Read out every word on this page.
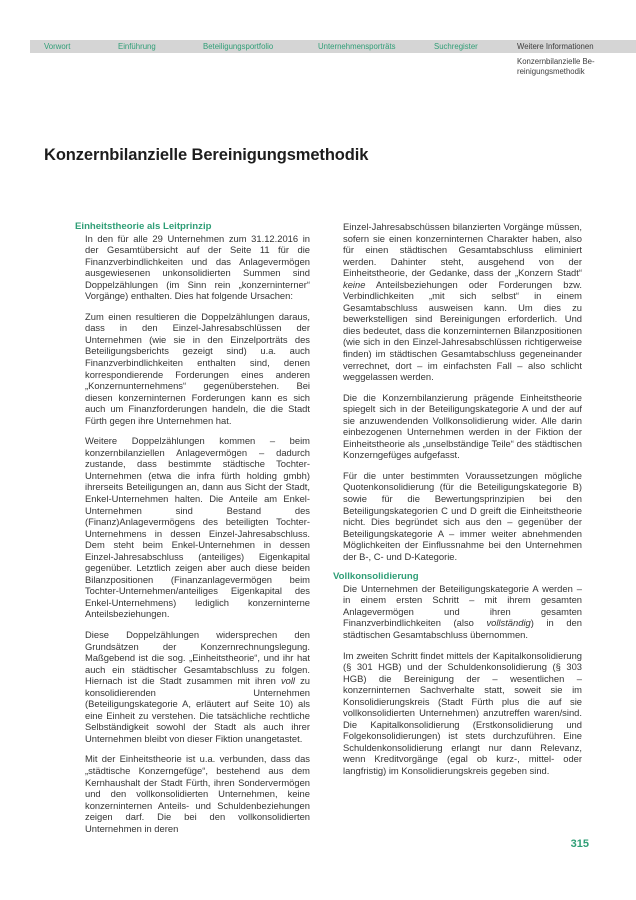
Vorwort	Einführung	Beteiligungsportfolio	Unternehmensporträts	Suchregister	Weitere Informationen
Konzernbilanzielle Be-
reinigungsmethodik
Konzernbilanzielle Bereinigungsmethodik
Einheitstheorie als Leitprinzip

In den für alle 29 Unternehmen zum 31.12.2016 in der Gesamtübersicht auf der Seite 11 für die Finanzverbindlichkeiten und das Anlagevermögen ausgewiesenen unkonsolidierten Summen sind Doppelzählungen (im Sinn rein „konzerninterner“ Vorgänge) enthalten. Dies hat folgende Ursachen:

Zum einen resultieren die Doppelzählungen daraus, dass in den Einzel-Jahresabschlüssen der Unternehmen (wie sie in den Einzelporträts des Beteiligungsberichts gezeigt sind) u.a. auch Finanzverbindlichkeiten enthalten sind, denen korrespondierende Forderungen eines anderen „Konzernunternehmens“ gegenüberstehen. Bei diesen konzerninternen Forderungen kann es sich auch um Finanzforderungen handeln, die die Stadt Fürth gegen ihre Unternehmen hat.

Weitere Doppelzählungen kommen – beim konzernbilanziellen Anlagevermögen – dadurch zustande, dass bestimmte städtische Tochter-Unternehmen (etwa die infra fürth holding gmbh) ihrerseits Beteiligungen an, dann aus Sicht der Stadt, Enkel-Unternehmen halten. Die Anteile am Enkel-Unternehmen sind Bestand des (Finanz)Anlagevermögens des beteiligten Tochter-Unternehmens in dessen Einzel-Jahresabschluss. Dem steht beim Enkel-Unternehmen in dessen Einzel-Jahresabschluss (anteiliges) Eigenkapital gegenüber. Letztlich zeigen aber auch diese beiden Bilanzpositionen (Finanzanlagevermögen beim Tochter-Unternehmen/anteiliges Eigenkapital des Enkel-Unternehmens) lediglich konzerninterne Anteilsbeziehungen.

Diese Doppelzählungen widersprechen den Grundsätzen der Konzernrechnungslegung. Maßgebend ist die sog. „Einheitstheorie“, und ihr hat auch ein städtischer Gesamtabschluss zu folgen. Hiernach ist die Stadt zusammen mit ihren voll zu konsolidierenden Unternehmen (Beteiligungskategorie A, erläutert auf Seite 10) als eine Einheit zu verstehen. Die tatsächliche rechtliche Selbständigkeit sowohl der Stadt als auch ihrer Unternehmen bleibt von dieser Fiktion unangetastet.

Mit der Einheitstheorie ist u.a. verbunden, dass das „städtische Konzerngefüge“, bestehend aus dem Kernhaushalt der Stadt Fürth, ihren Sondervermögen und den vollkonsolidierten Unternehmen, keine konzerninternen Anteils- und Schuldenbeziehungen zeigen darf. Die bei den vollkonsolidierten Unternehmen in deren

Einzel-Jahresabschüssen bilanzierten Vorgänge müssen, sofern sie einen konzerninternen Charakter haben, also für einen städtischen Gesamtabschluss eliminiert werden. Dahinter steht, ausgehend von der Einheitstheorie, der Gedanke, dass der „Konzern Stadt“ keine Anteilsbeziehungen oder Forderungen bzw. Verbindlichkeiten „mit sich selbst“ in einem Gesamtabschluss ausweisen kann. Um dies zu bewerkstelligen sind Bereinigungen erforderlich. Und dies bedeutet, dass die konzerninternen Bilanzpositionen (wie sich in den Einzel-Jahresabschlüssen richtigerweise finden) im städtischen Gesamtabschluss gegeneinander verrechnet, dort – im einfachsten Fall – also schlicht weggelassen werden.

Die die Konzernbilanzierung prägende Einheitstheorie spiegelt sich in der Beteiligungskategorie A und der auf sie anzuwendenden Vollkonsolidierung wider. Alle darin einbezogenen Unternehmen werden in der Fiktion der Einheitstheorie als „unselbständige Teile“ des städtischen Konzerngefüges aufgefasst.

Für die unter bestimmten Voraussetzungen mögliche Quotenkonsolidierung (für die Beteiligungskategorie B) sowie für die Bewertungsprinzipien bei den Beteiligungskategorien C und D greift die Einheitstheorie nicht. Dies begründet sich aus den – gegenüber der Beteiligungskategorie A – immer weiter abnehmenden Möglichkeiten der Einflussnahme bei den Unternehmen der B-, C- und D-Kategorie.

Vollkonsolidierung

Die Unternehmen der Beteiligungskategorie A werden – in einem ersten Schritt – mit ihrem gesamten Anlagevermögen und ihren gesamten Finanzverbindlichkeiten (also vollständig) in den städtischen Gesamtabschluss übernommen.

Im zweiten Schritt findet mittels der Kapitalkonsolidierung (§ 301 HGB) und der Schuldenkonsolidierung (§ 303 HGB) die Bereinigung der – wesentlichen – konzerninternen Sachverhalte statt, soweit sie im Konsolidierungskreis (Stadt Fürth plus die auf sie vollkonsolidierten Unternehmen) anzutreffen waren/sind. Die Kapitalkonsolidierung (Erstkonsolidierung und Folgekonsolidierungen) ist stets durchzuführen. Eine Schuldenkonsolidierung erlangt nur dann Relevanz, wenn Kreditvorgänge (egal ob kurz-, mittel- oder langfristig) im Konsolidierungskreis gegeben sind.

315
